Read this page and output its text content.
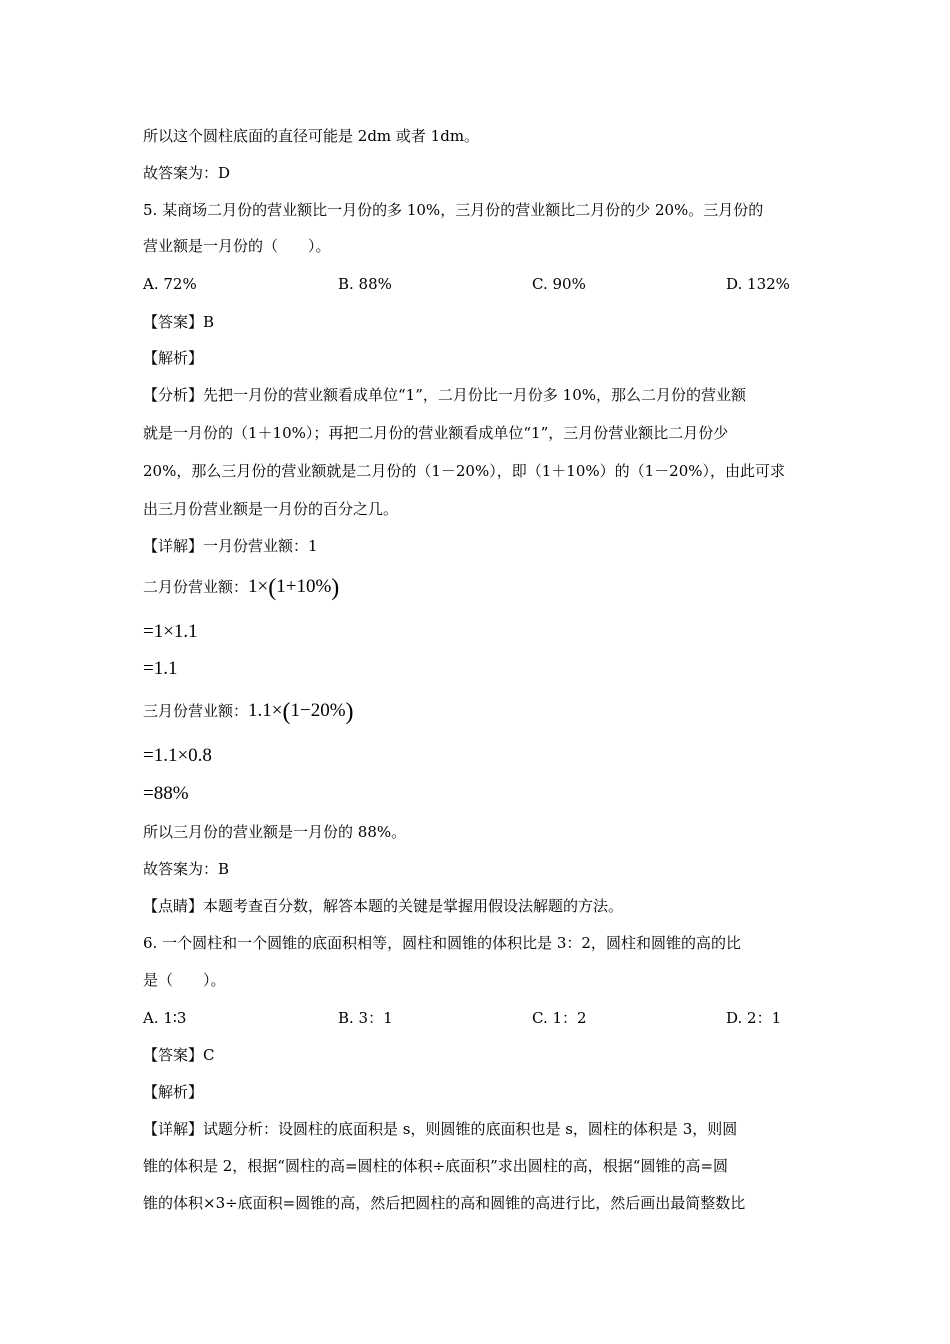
所以这个圆柱底面的直径可能是 2dm 或者 1dm。
故答案为：D
5. 某商场二月份的营业额比一月份的多 10%，三月份的营业额比二月份的少 20%。三月份的
营业额是一月份的（　　）。
A. 72%	B. 88%	C. 90%	D. 132%
【答案】B
【解析】
【分析】先把一月份的营业额看成单位“1”，二月份比一月份多 10%，那么二月份的营业额
就是一月份的（1＋10%）；再把二月份的营业额看成单位“1”，三月份营业额比二月份少
20%，那么三月份的营业额就是二月份的（1－20%），即（1＋10%）的（1－20%），由此可求
出三月份营业额是一月份的百分之几。
【详解】一月份营业额：1
二月份营业额：1×(1+10%)
=1×1.1
=1.1
三月份营业额：1.1×(1−20%)
=1.1×0.8
=88%
所以三月份的营业额是一月份的 88%。
故答案为：B
【点睛】本题考查百分数，解答本题的关键是掌握用假设法解题的方法。
6. 一个圆柱和一个圆锥的底面积相等，圆柱和圆锥的体积比是 3：2，圆柱和圆锥的高的比
是（　　）。
A. 1∶3	B. 3：1	C. 1：2	D. 2：1
【答案】C
【解析】
【详解】试题分析：设圆柱的底面积是 s，则圆锥的底面积也是 s，圆柱的体积是 3，则圆
锥的体积是 2，根据“圆柱的高=圆柱的体积÷底面积”求出圆柱的高，根据“圆锥的高=圆
锥的体积×3÷底面积=圆锥的高，然后把圆柱的高和圆锥的高进行比，然后画出最简整数比
